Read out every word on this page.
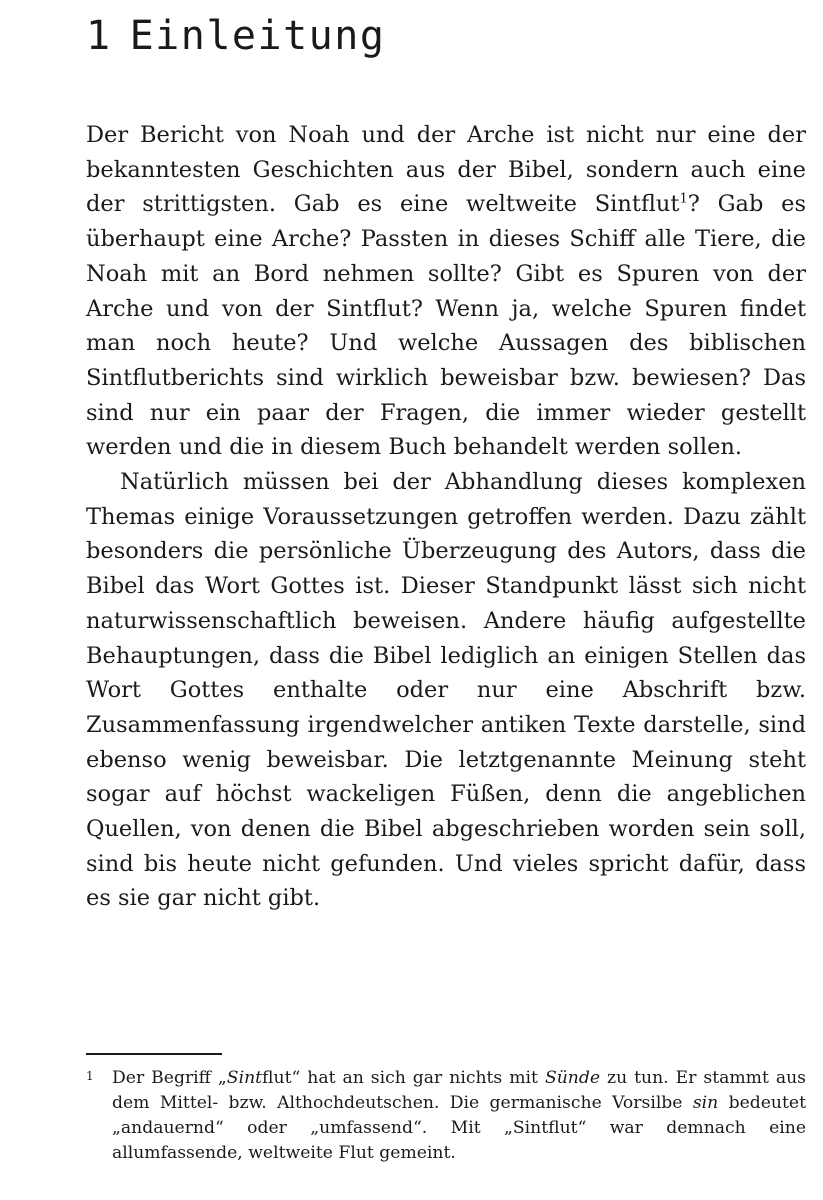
1 Einleitung

Der Bericht von Noah und der Arche ist nicht nur eine der bekanntesten Geschichten aus der Bibel, sondern auch eine der strittigsten. Gab es eine weltweite Sintflut$^1$? Gab es überhaupt eine Arche? Passten in dieses Schiff alle Tiere, die Noah mit an Bord nehmen sollte? Gibt es Spuren von der Arche und von der Sintflut? Wenn ja, welche Spuren findet man noch heute? Und welche Aussagen des biblischen Sintflutberichts sind wirklich beweisbar bzw. bewiesen? Das sind nur ein paar der Fragen, die immer wieder gestellt werden und die in diesem Buch behandelt werden sollen.

Natürlich müssen bei der Abhandlung dieses komplexen Themas einige Voraussetzungen getroffen werden. Dazu zählt besonders die persönliche Überzeugung des Autors, dass die Bibel das Wort Gottes ist. Dieser Standpunkt lässt sich nicht naturwissenschaftlich beweisen. Andere häufig aufgestellte Behauptungen, dass die Bibel lediglich an einigen Stellen das Wort Gottes enthalte oder nur eine Abschrift bzw. Zusammenfassung irgendwelcher antiken Texte darstelle, sind ebenso wenig beweisbar. Die letztgenannte Meinung steht sogar auf höchst wackeligen Füßen, denn die angeblichen Quellen, von denen die Bibel abgeschrieben worden sein soll, sind bis heute nicht gefunden. Und vieles spricht dafür, dass es sie gar nicht gibt.

1 Der Begriff „Sintflut“ hat an sich gar nichts mit Sünde zu tun. Er stammt aus dem Mittel- bzw. Althochdeutschen. Die germanische Vorsilbe sin bedeutet „andauernd“ oder „umfassend“. Mit „Sintflut“ war demnach eine allumfassende, weltweite Flut gemeint.
